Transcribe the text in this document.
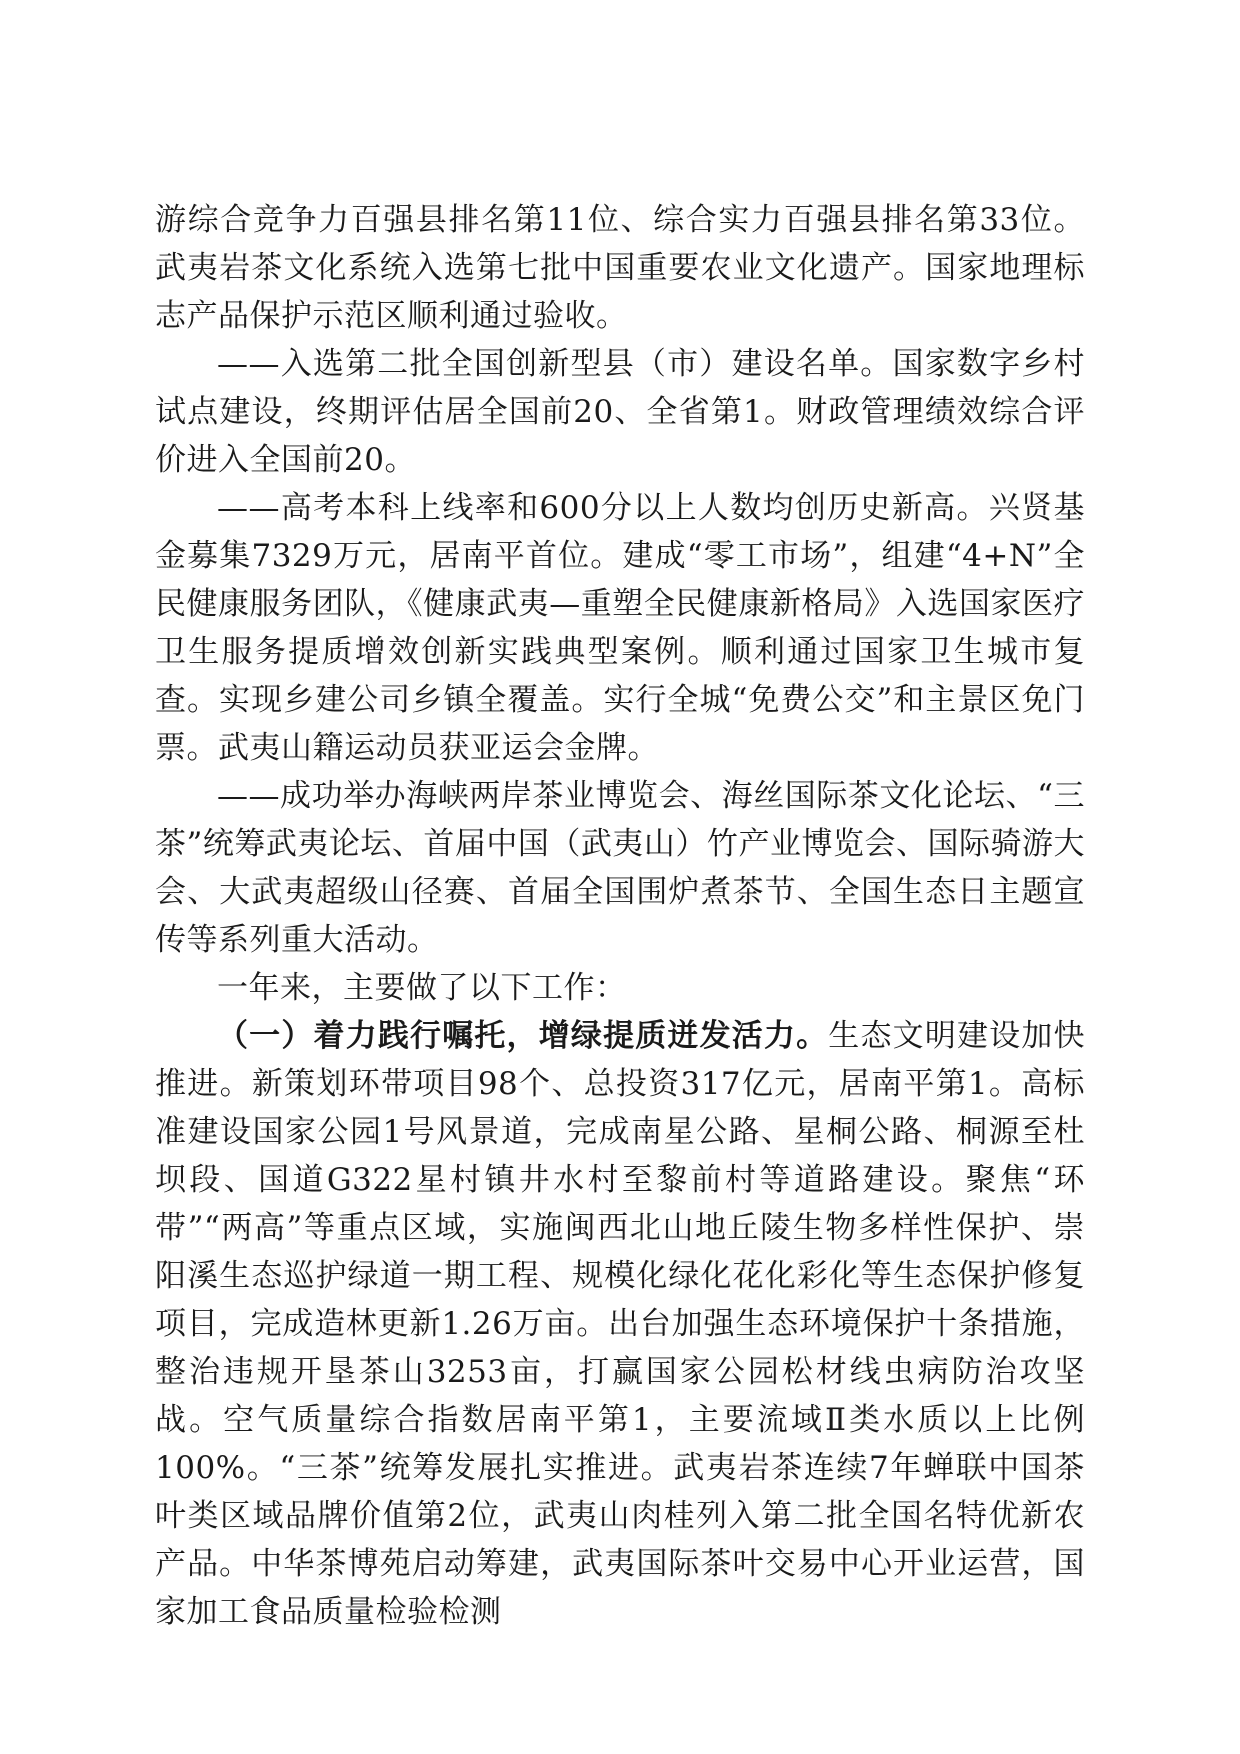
游综合竞争力百强县排名第11位、综合实力百强县排名第33位。武夷岩茶文化系统入选第七批中国重要农业文化遗产。国家地理标志产品保护示范区顺利通过验收。

——入选第二批全国创新型县（市）建设名单。国家数字乡村试点建设，终期评估居全国前20、全省第1。财政管理绩效综合评价进入全国前20。

——高考本科上线率和600分以上人数均创历史新高。兴贤基金募集7329万元，居南平首位。建成“零工市场”，组建“4+N”全民健康服务团队，《健康武夷—重塑全民健康新格局》入选国家医疗卫生服务提质增效创新实践典型案例。顺利通过国家卫生城市复查。实现乡建公司乡镇全覆盖。实行全城“免费公交”和主景区免门票。武夷山籍运动员获亚运会金牌。

——成功举办海峡两岸茶业博览会、海丝国际茶文化论坛、“三茶”统筹武夷论坛、首届中国（武夷山）竹产业博览会、国际骑游大会、大武夷超级山径赛、首届全国围炉煮茶节、全国生态日主题宣传等系列重大活动。

一年来，主要做了以下工作：

（一）着力践行嘱托，增绿提质迸发活力。生态文明建设加快推进。新策划环带项目98个、总投资317亿元，居南平第1。高标准建设国家公园1号风景道，完成南星公路、星桐公路、桐源至杜坝段、国道G322星村镇井水村至黎前村等道路建设。聚焦“环带”“两高”等重点区域，实施闽西北山地丘陵生物多样性保护、崇阳溪生态巡护绿道一期工程、规模化绿化花化彩化等生态保护修复项目，完成造林更新1.26万亩。出台加强生态环境保护十条措施，整治违规开垦茶山3253亩，打赢国家公园松材线虫病防治攻坚战。空气质量综合指数居南平第1，主要流域Ⅱ类水质以上比例100%。“三茶”统筹发展扎实推进。武夷岩茶连续7年蝉联中国茶叶类区域品牌价值第2位，武夷山肉桂列入第二批全国名特优新农产品。中华茶博苑启动筹建，武夷国际茶叶交易中心开业运营，国家加工食品质量检验检测
